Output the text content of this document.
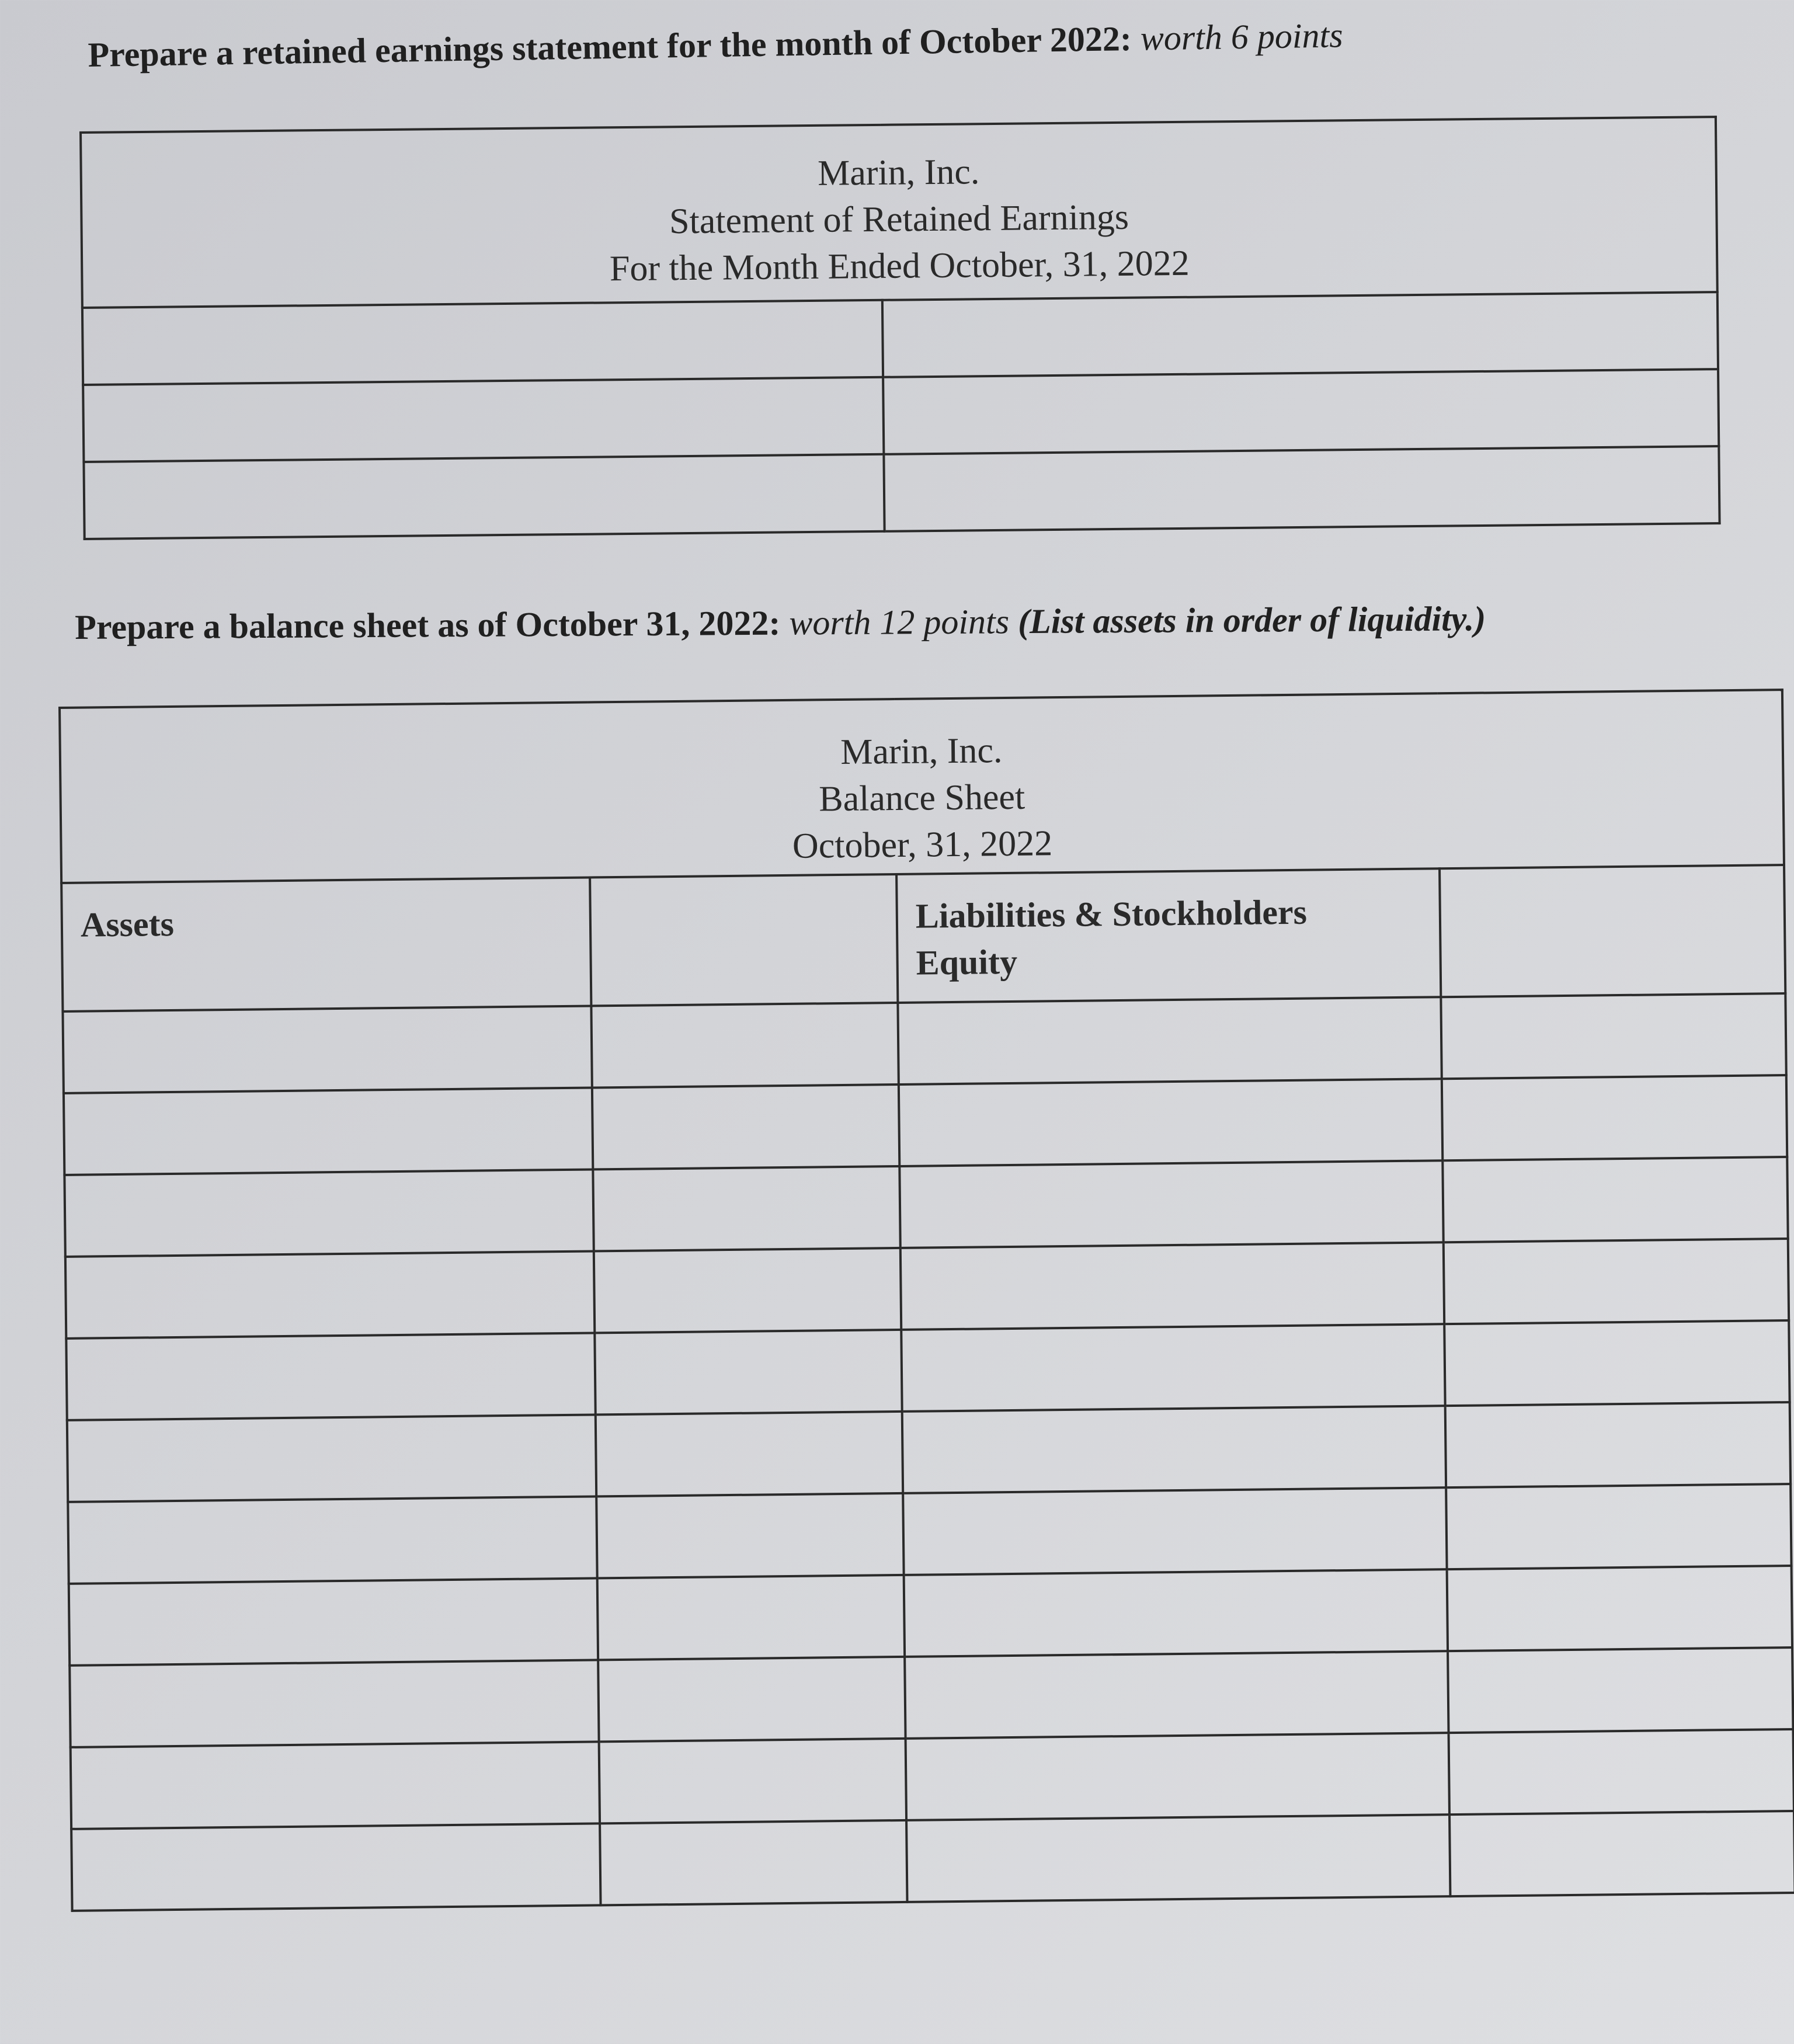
Prepare a retained earnings statement for the month of October 2022: worth 6 points
Marin, Inc.
Statement of Retained Earnings
For the Month Ended October, 31, 2022	

Prepare a balance sheet as of October 31, 2022: worth 12 points (List assets in order of liquidity.)
Marin, Inc.
Balance Sheet
October, 31, 2022			

Assets		Liabilities & Stockholders
Equity	
